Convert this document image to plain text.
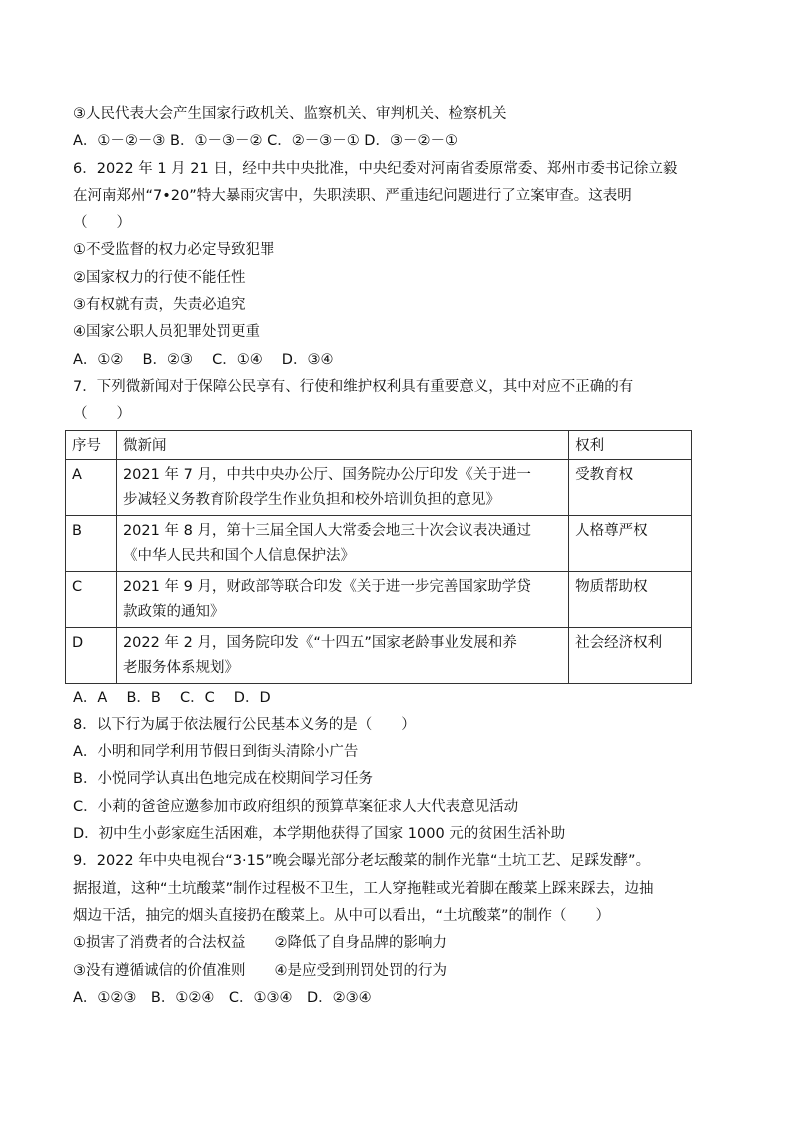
③人民代表大会产生国家行政机关、监察机关、审判机关、检察机关
A．①－②－③ B．①－③－② C．②－③－① D．③－②－①
6．2022 年 1 月 21 日，经中共中央批准，中央纪委对河南省委原常委、郑州市委书记徐立毅
在河南郑州“7•20”特大暴雨灾害中，失职渎职、严重违纪问题进行了立案审查。这表明
（　　）
①不受监督的权力必定导致犯罪
②国家权力的行使不能任性
③有权就有责，失责必追究
④国家公职人员犯罪处罚更重
A．①②　 B．②③　 C．①④　 D．③④
7．下列微新闻对于保障公民享有、行使和维护权利具有重要意义，其中对应不正确的有
（　　）
序号	微新闻	权利
A	2021 年 7 月，中共中央办公厅、国务院办公厅印发《关于进一
步减轻义务教育阶段学生作业负担和校外培训负担的意见》	受教育权
B	2021 年 8 月，第十三届全国人大常委会地三十次会议表决通过
《中华人民共和国个人信息保护法》	人格尊严权
C	2021 年 9 月，财政部等联合印发《关于进一步完善国家助学贷
款政策的通知》	物质帮助权
D	2022 年 2 月，国务院印发《“十四五”国家老龄事业发展和养
老服务体系规划》	社会经济权利
A．A　 B．B　 C．C　 D．D
8．以下行为属于依法履行公民基本义务的是（　　）
A．小明和同学利用节假日到街头清除小广告
B．小悦同学认真出色地完成在校期间学习任务
C．小莉的爸爸应邀参加市政府组织的预算草案征求人大代表意见活动
D．初中生小彭家庭生活困难，本学期他获得了国家 1000 元的贫困生活补助
9．2022 年中央电视台“3·15”晚会曝光部分老坛酸菜的制作光靠“土坑工艺、足踩发酵”。
据报道，这种“土坑酸菜”制作过程极不卫生，工人穿拖鞋或光着脚在酸菜上踩来踩去，边抽
烟边干活，抽完的烟头直接扔在酸菜上。从中可以看出，“土坑酸菜”的制作（　　）
①损害了消费者的合法权益　　②降低了自身品牌的影响力
③没有遵循诚信的价值准则　　④是应受到刑罚处罚的行为
A．①②③　B．①②④　C．①③④　D．②③④
